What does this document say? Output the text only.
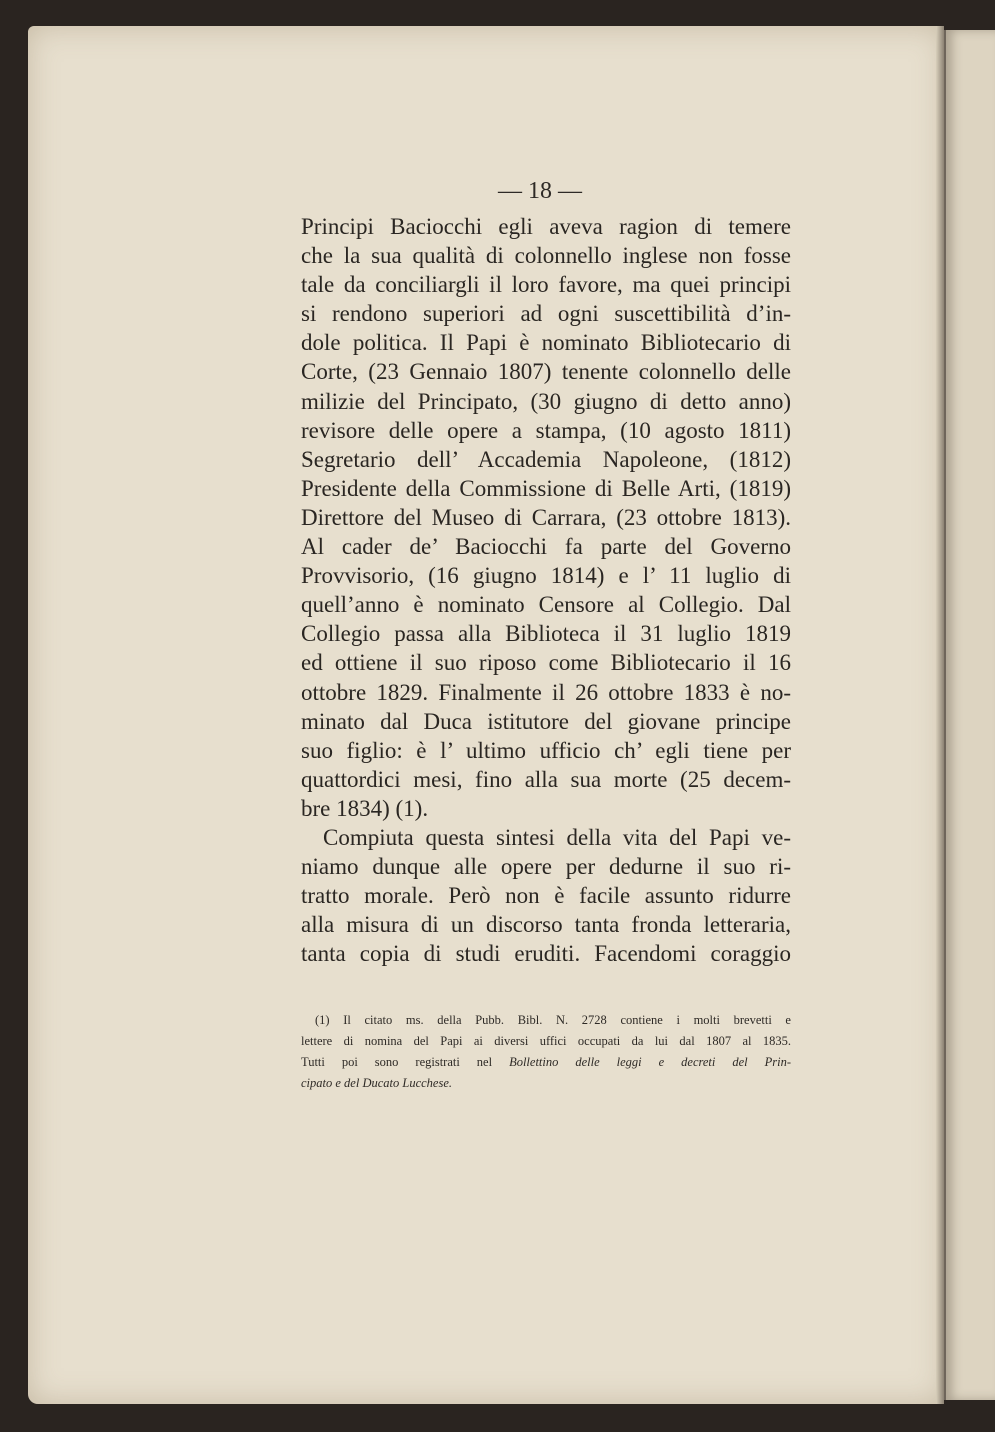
— 18 —
Principi Baciocchi egli aveva ragion di temere
che la sua qualità di colonnello inglese non fosse
tale da conciliargli il loro favore, ma quei principi
si rendono superiori ad ogni suscettibilità d’in-
dole politica. Il Papi è nominato Bibliotecario di
Corte, (23 Gennaio 1807) tenente colonnello delle
milizie del Principato, (30 giugno di detto anno)
revisore delle opere a stampa, (10 agosto 1811)
Segretario dell’ Accademia Napoleone, (1812)
Presidente della Commissione di Belle Arti, (1819)
Direttore del Museo di Carrara, (23 ottobre 1813).
Al cader de’ Baciocchi fa parte del Governo
Provvisorio, (16 giugno 1814) e l’ 11 luglio di
quell’anno è nominato Censore al Collegio. Dal
Collegio passa alla Biblioteca il 31 luglio 1819
ed ottiene il suo riposo come Bibliotecario il 16
ottobre 1829. Finalmente il 26 ottobre 1833 è no-
minato dal Duca istitutore del giovane principe
suo figlio: è l’ ultimo ufficio ch’ egli tiene per
quattordici mesi, fino alla sua morte (25 decem-
bre 1834) (1).
Compiuta questa sintesi della vita del Papi ve-
niamo dunque alle opere per dedurne il suo ri-
tratto morale. Però non è facile assunto ridurre
alla misura di un discorso tanta fronda letteraria,
tanta copia di studi eruditi. Facendomi coraggio
(1) Il citato ms. della Pubb. Bibl. N. 2728 contiene i molti brevetti e
lettere di nomina del Papi ai diversi uffici occupati da lui dal 1807 al 1835.
Tutti poi sono registrati nel Bollettino delle leggi e decreti del Prin-
cipato e del Ducato Lucchese.
